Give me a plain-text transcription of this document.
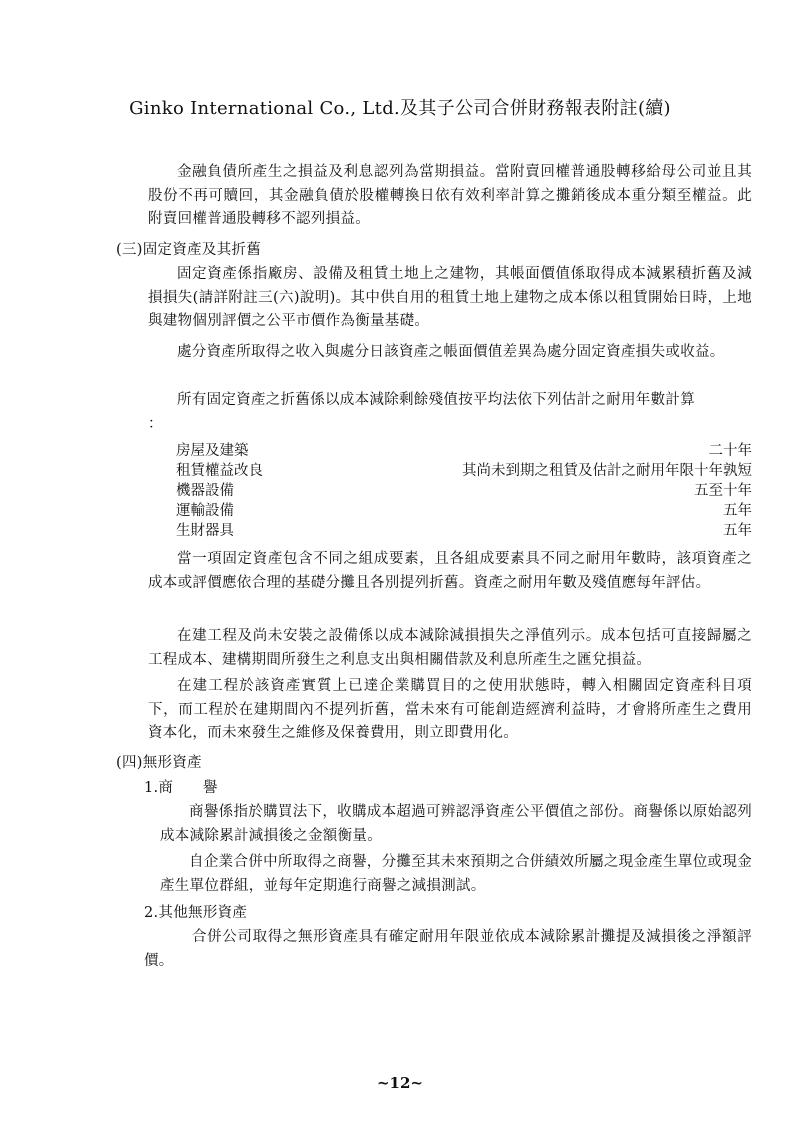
Ginko International Co., Ltd.及其子公司合併財務報表附註(續)
金融負債所產生之損益及利息認列為當期損益。當附賣回權普通股轉移給母公司並且其股份不再可贖回，其金融負債於股權轉換日依有效利率計算之攤銷後成本重分類至權益。此附賣回權普通股轉移不認列損益。
(三)固定資產及其折舊
固定資產係指廠房、設備及租賃土地上之建物，其帳面價值係取得成本減累積折舊及減損損失(請詳附註三(六)說明)。其中供自用的租賃土地上建物之成本係以租賃開始日時，上地與建物個別評價之公平市價作為衡量基礎。
處分資產所取得之收入與處分日該資產之帳面價值差異為處分固定資產損失或收益。
所有固定資產之折舊係以成本減除剩餘殘值按平均法依下列估計之耐用年數計算
：
房屋及建築	二十年
租賃權益改良	其尚未到期之租賃及估計之耐用年限十年孰短
機器設備	五至十年
運輸設備	五年
生財器具	五年
當一項固定資產包含不同之組成要素，且各組成要素具不同之耐用年數時，該項資產之成本或評價應依合理的基礎分攤且各別提列折舊。資產之耐用年數及殘值應每年評估。
在建工程及尚未安裝之設備係以成本減除減損損失之淨值列示。成本包括可直接歸屬之工程成本、建構期間所發生之利息支出與相關借款及利息所產生之匯兌損益。
在建工程於該資產實質上已達企業購買目的之使用狀態時，轉入相關固定資產科目項下，而工程於在建期間內不提列折舊，當未來有可能創造經濟利益時，才會將所產生之費用資本化，而未來發生之維修及保養費用，則立即費用化。
(四)無形資產
1.商　　譽
商譽係指於購買法下，收購成本超過可辨認淨資產公平價值之部份。商譽係以原始認列成本減除累計減損後之金額衡量。
自企業合併中所取得之商譽，分攤至其未來預期之合併績效所屬之現金產生單位或現金產生單位群組，並每年定期進行商譽之減損測試。
2.其他無形資產
合併公司取得之無形資產具有確定耐用年限並依成本減除累計攤提及減損後之淨額評價。
~12~
